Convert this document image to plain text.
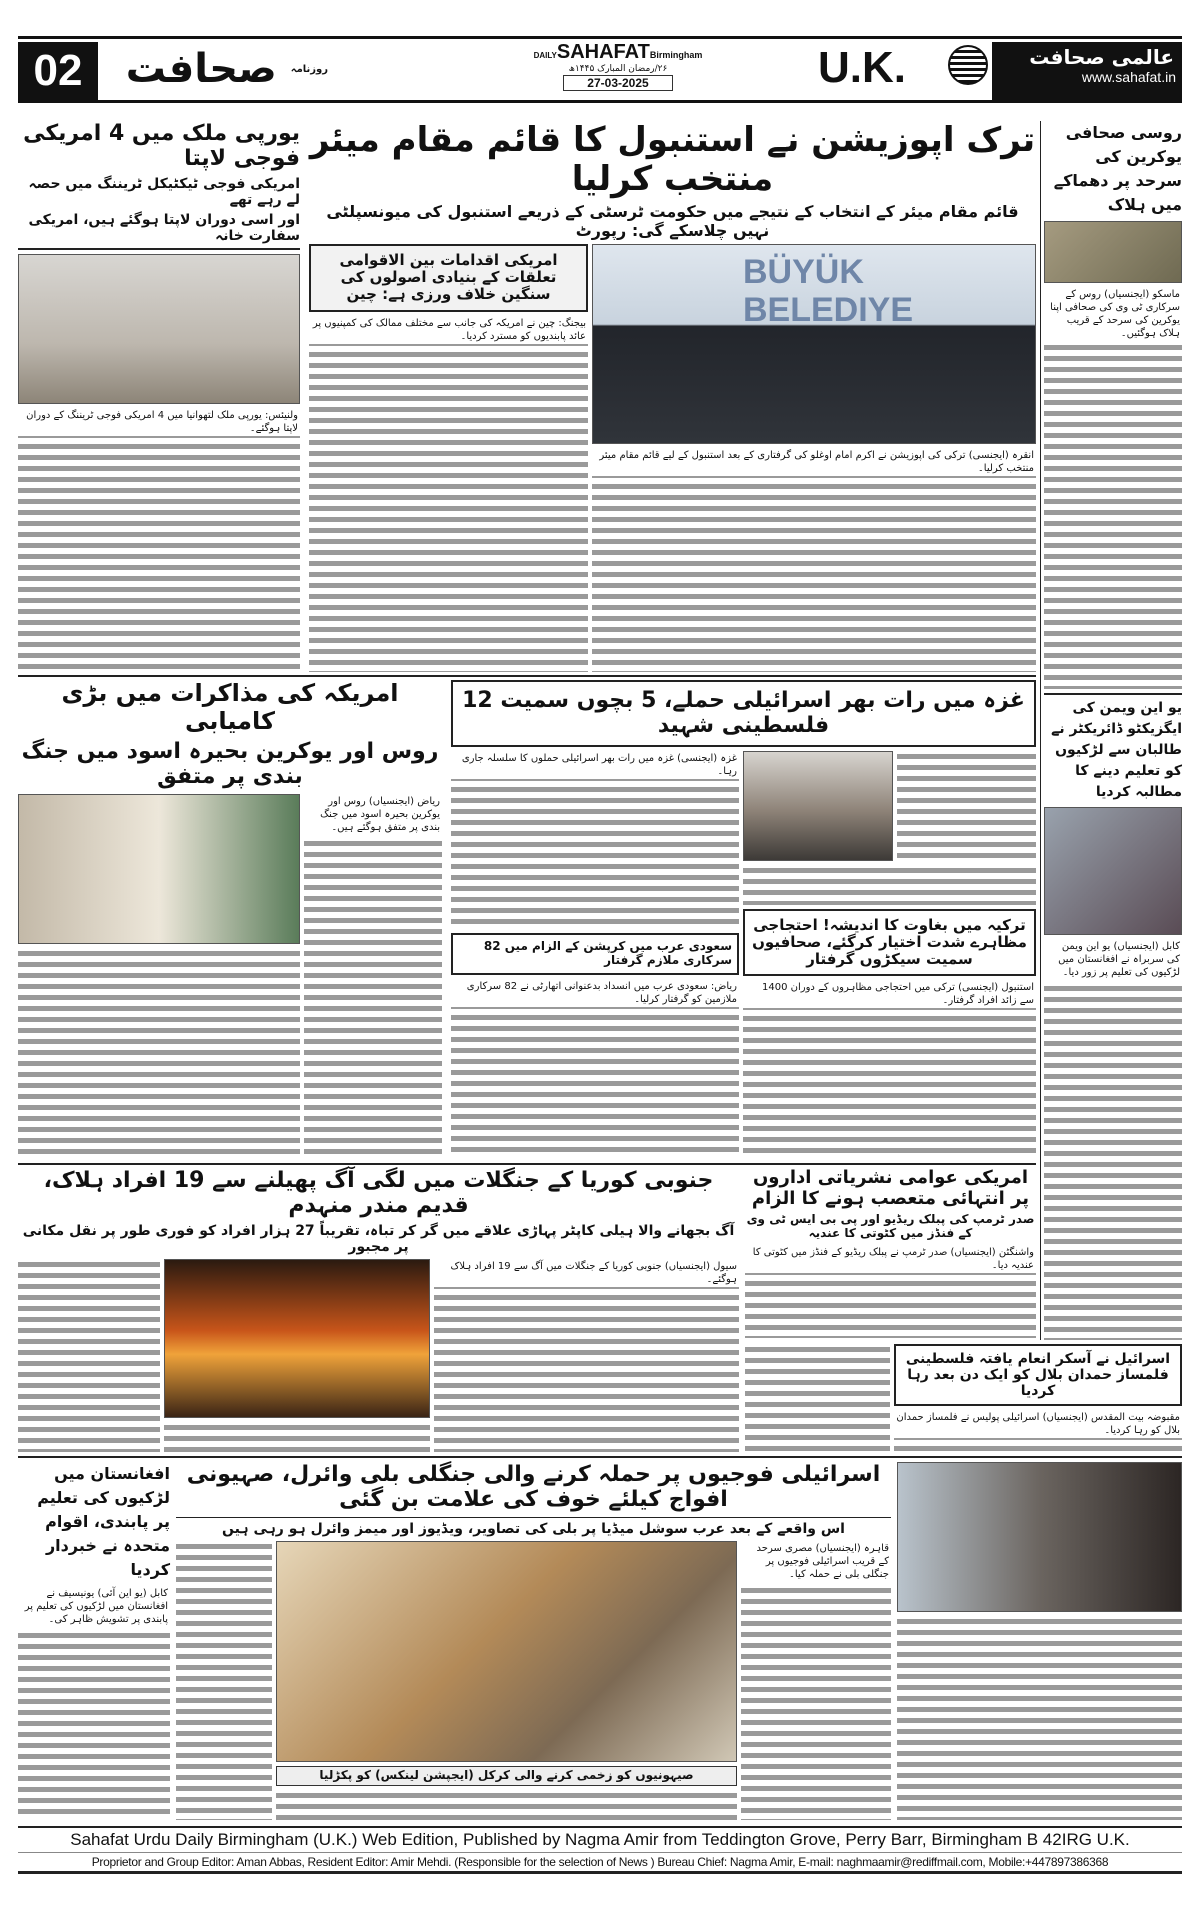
02	$^{روزنامہ}$ صحافت	DAILYSAHAFATBirmingham
۲۶/رمضان المبارک ۱۴۴۵ھ
27-03-2025	U.K.	عالمی صحافت
www.sahafat.in
یورپی ملک میں 4 امریکی فوجی لاپتا
امریکی فوجی ٹیکٹیکل ٹریننگ میں حصہ لے رہے تھے
اور اسی دوران لاپتا ہوگئے ہیں، امریکی سفارت خانہ
ولنیئس: یورپی ملک لتھوانیا میں 4 امریکی فوجی ٹریننگ کے دوران لاپتا ہوگئے۔
ترک اپوزیشن نے استنبول کا قائم مقام میئر منتخب کرلیا
قائم مقام میئر کے انتخاب کے نتیجے میں حکومت ٹرسٹی کے ذریعے استنبول کی میونسپلٹی نہیں چلاسکے گی: رپورٹ
امریکی اقدامات بین الاقوامی تعلقات کے بنیادی اصولوں کی سنگین خلاف ورزی ہے: چین
بیجنگ: چین نے امریکہ کی جانب سے مختلف ممالک کی کمپنیوں پر عائد پابندیوں کو مسترد کردیا۔
BÜYÜK BELEDIYE
انقرہ (ایجنسی) ترکی کی اپوزیشن نے اکرم امام اوغلو کی گرفتاری کے بعد استنبول کے لیے قائم مقام میئر منتخب کرلیا۔
روسی صحافی یوکرین کی سرحد پر دھماکے میں ہلاک
ماسکو (ایجنسیاں) روس کے سرکاری ٹی وی کی صحافی اپنا یوکرین کی سرحد کے قریب ہلاک ہوگئیں۔
یو این ویمن کی ایگزیکٹو ڈائریکٹر نے طالبان سے لڑکیوں کو تعلیم دینے کا مطالبہ کردیا
کابل (ایجنسیاں) یو این ویمن کی سربراہ نے افغانستان میں لڑکیوں کی تعلیم پر زور دیا۔
امریکہ کی مذاکرات میں بڑی کامیابی
روس اور یوکرین بحیرہ اسود میں جنگ بندی پر متفق
ریاض (ایجنسیاں) روس اور یوکرین بحیرہ اسود میں جنگ بندی پر متفق ہوگئے ہیں۔
غزہ میں رات بھر اسرائیلی حملے، 5 بچوں سمیت 12 فلسطینی شہید
غزہ (ایجنسی) غزہ میں رات بھر اسرائیلی حملوں کا سلسلہ جاری رہا۔
سعودی عرب میں کرپشن کے الزام میں 82 سرکاری ملازم گرفتار
ریاض: سعودی عرب میں انسداد بدعنوانی اتھارٹی نے 82 سرکاری ملازمین کو گرفتار کرلیا۔
ترکیہ میں بغاوت کا اندیشہ! احتجاجی مظاہرے شدت اختیار کرگئے، صحافیوں سمیت سیکڑوں گرفتار
استنبول (ایجنسی) ترکی میں احتجاجی مظاہروں کے دوران 1400 سے زائد افراد گرفتار۔
جنوبی کوریا کے جنگلات میں لگی آگ پھیلنے سے 19 افراد ہلاک، قدیم مندر منہدم
آگ بجھانے والا ہیلی کاپٹر پہاڑی علاقے میں گر کر تباہ، تقریباً 27 ہزار افراد کو فوری طور پر نقل مکانی پر مجبور
سیول (ایجنسیاں) جنوبی کوریا کے جنگلات میں آگ سے 19 افراد ہلاک ہوگئے۔
امریکی عوامی نشریاتی اداروں پر انتہائی متعصب ہونے کا الزام
صدر ٹرمپ کی پبلک ریڈیو اور پی بی ایس ٹی وی کے فنڈز میں کٹوتی کا عندیہ
واشنگٹن (ایجنسیاں) صدر ٹرمپ نے پبلک ریڈیو کے فنڈز میں کٹوتی کا عندیہ دیا۔
اسرائیل نے آسکر انعام یافتہ فلسطینی فلمساز حمدان بلال کو ایک دن بعد رہا کردیا
مقبوضہ بیت المقدس (ایجنسیاں) اسرائیلی پولیس نے فلمساز حمدان بلال کو رہا کردیا۔
افغانستان میں لڑکیوں کی تعلیم پر پابندی، اقوام متحدہ نے خبردار کردیا
کابل (یو این آئی) یونیسیف نے افغانستان میں لڑکیوں کی تعلیم پر پابندی پر تشویش ظاہر کی۔
اسرائیلی فوجیوں پر حملہ کرنے والی جنگلی بلی وائرل، صہیونی افواج کیلئے خوف کی علامت بن گئی
اس واقعے کے بعد عرب سوشل میڈیا پر بلی کی تصاویر، ویڈیوز اور میمز وائرل ہو رہی ہیں
صیہونیوں کو زخمی کرنے والی کرکل (ایجپشن لینکس) کو پکڑلیا
قاہرہ (ایجنسیاں) مصری سرحد کے قریب اسرائیلی فوجیوں پر جنگلی بلی نے حملہ کیا۔
Sahafat Urdu Daily Birmingham (U.K.) Web Edition, Published by Nagma Amir from Teddington Grove, Perry Barr, Birmingham B 42IRG U.K.
Proprietor and Group Editor: Aman Abbas, Resident Editor: Amir Mehdi. (Responsible for the selection of News ) Bureau Chief: Nagma Amir, E-mail: naghmaamir@rediffmail.com, Mobile:+447897386368
